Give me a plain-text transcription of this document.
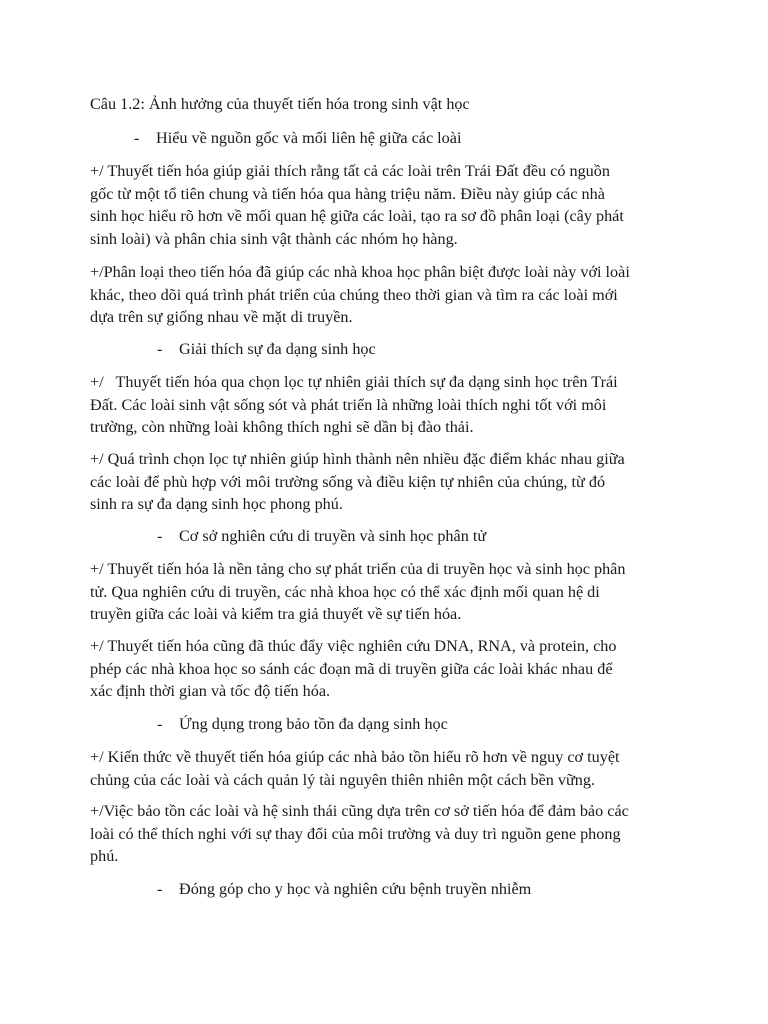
Câu 1.2: Ảnh hưởng của thuyết tiến hóa trong sinh vật học

- Hiểu về nguồn gốc và mối liên hệ giữa các loài

+/ Thuyết tiến hóa giúp giải thích rằng tất cả các loài trên Trái Đất đều có nguồn
gốc từ một tổ tiên chung và tiến hóa qua hàng triệu năm. Điều này giúp các nhà
sinh học hiểu rõ hơn về mối quan hệ giữa các loài, tạo ra sơ đồ phân loại (cây phát
sinh loài) và phân chia sinh vật thành các nhóm họ hàng.

+/Phân loại theo tiến hóa đã giúp các nhà khoa học phân biệt được loài này với loài
khác, theo dõi quá trình phát triển của chúng theo thời gian và tìm ra các loài mới
dựa trên sự giống nhau về mặt di truyền.

- Giải thích sự đa dạng sinh học

+/   Thuyết tiến hóa qua chọn lọc tự nhiên giải thích sự đa dạng sinh học trên Trái
Đất. Các loài sinh vật sống sót và phát triển là những loài thích nghi tốt với môi
trường, còn những loài không thích nghi sẽ dần bị đào thải.

+/ Quá trình chọn lọc tự nhiên giúp hình thành nên nhiều đặc điểm khác nhau giữa
các loài để phù hợp với môi trường sống và điều kiện tự nhiên của chúng, từ đó
sinh ra sự đa dạng sinh học phong phú.

- Cơ sở nghiên cứu di truyền và sinh học phân tử

+/ Thuyết tiến hóa là nền tảng cho sự phát triển của di truyền học và sinh học phân
tử. Qua nghiên cứu di truyền, các nhà khoa học có thể xác định mối quan hệ di
truyền giữa các loài và kiểm tra giả thuyết về sự tiến hóa.

+/ Thuyết tiến hóa cũng đã thúc đẩy việc nghiên cứu DNA, RNA, và protein, cho
phép các nhà khoa học so sánh các đoạn mã di truyền giữa các loài khác nhau để
xác định thời gian và tốc độ tiến hóa.

- Ứng dụng trong bảo tồn đa dạng sinh học

+/ Kiến thức về thuyết tiến hóa giúp các nhà bảo tồn hiểu rõ hơn về nguy cơ tuyệt
chủng của các loài và cách quản lý tài nguyên thiên nhiên một cách bền vững.

+/Việc bảo tồn các loài và hệ sinh thái cũng dựa trên cơ sở tiến hóa để đảm bảo các
loài có thể thích nghi với sự thay đổi của môi trường và duy trì nguồn gene phong
phú.

- Đóng góp cho y học và nghiên cứu bệnh truyền nhiễm
